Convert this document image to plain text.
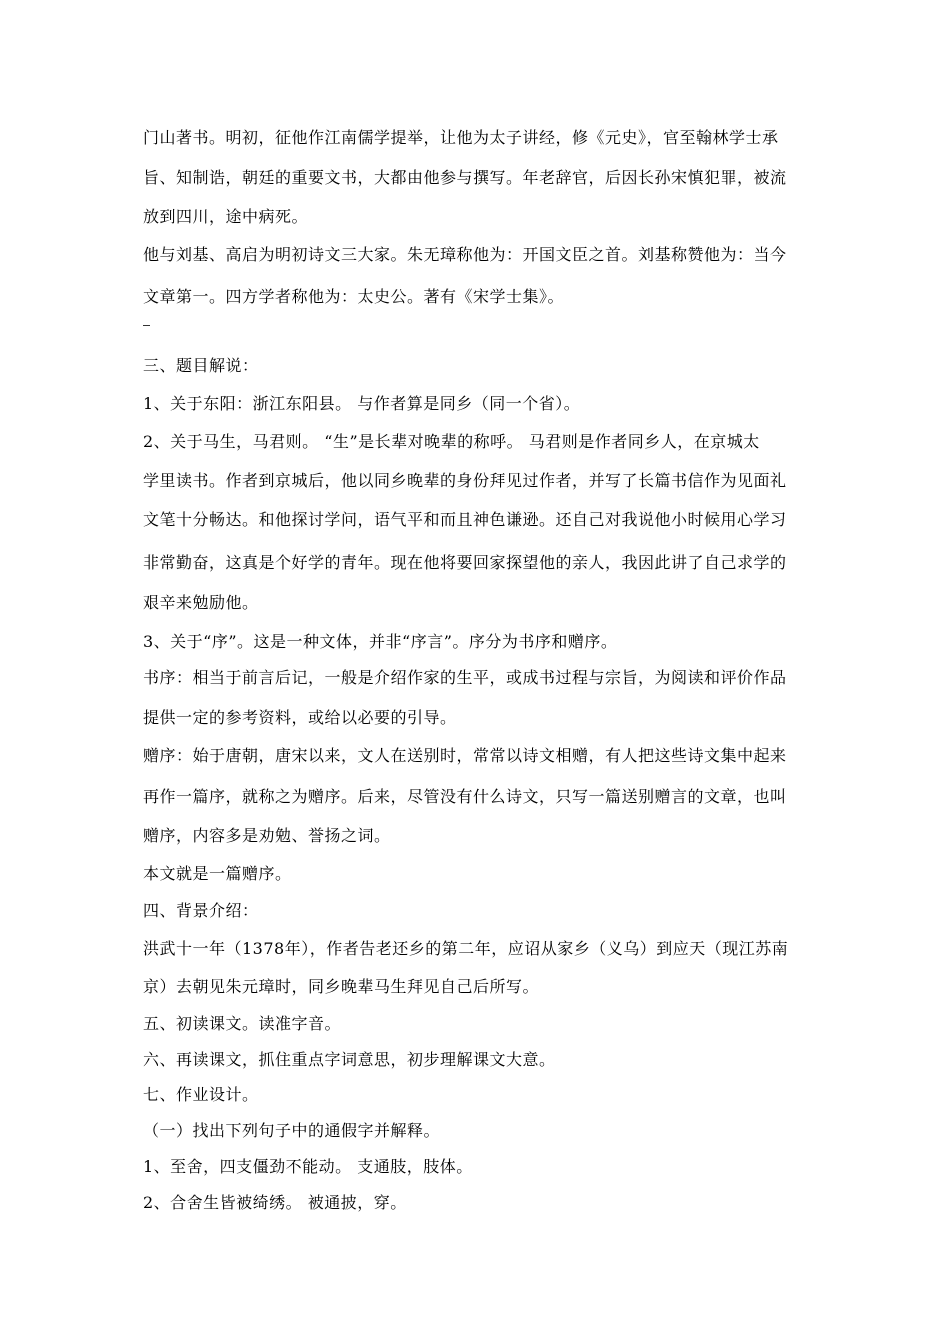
门山著书。明初，征他作江南儒学提举，让他为太子讲经，修《元史》，官至翰林学士承
旨、知制诰，朝廷的重要文书，大都由他参与撰写。年老辞官，后因长孙宋慎犯罪，被流
放到四川，途中病死。
他与刘基、高启为明初诗文三大家。朱无璋称他为：开国文臣之首。刘基称赞他为：当今
文章第一。四方学者称他为：太史公。著有《宋学士集》。
三、题目解说：
1、关于东阳：浙江东阳县。 与作者算是同乡（同一个省）。
2、关于马生，马君则。 “生”是长辈对晚辈的称呼。 马君则是作者同乡人，在京城太
学里读书。作者到京城后，他以同乡晚辈的身份拜见过作者，并写了长篇书信作为见面礼
文笔十分畅达。和他探讨学问，语气平和而且神色谦逊。还自己对我说他小时候用心学习
非常勤奋，这真是个好学的青年。现在他将要回家探望他的亲人，我因此讲了自己求学的
艰辛来勉励他。
3、关于“序”。这是一种文体，并非“序言”。序分为书序和赠序。
书序：相当于前言后记，一般是介绍作家的生平，或成书过程与宗旨，为阅读和评价作品
提供一定的参考资料，或给以必要的引导。
赠序：始于唐朝，唐宋以来，文人在送别时，常常以诗文相赠，有人把这些诗文集中起来
再作一篇序，就称之为赠序。后来，尽管没有什么诗文，只写一篇送别赠言的文章，也叫
赠序，内容多是劝勉、誉扬之词。
本文就是一篇赠序。
四、背景介绍：
洪武十一年（1378年），作者告老还乡的第二年，应诏从家乡（义乌）到应天（现江苏南
京）去朝见朱元璋时，同乡晚辈马生拜见自己后所写。
五、初读课文。读准字音。
六、再读课文，抓住重点字词意思，初步理解课文大意。
七、作业设计。
（一）找出下列句子中的通假字并解释。
1、至舍，四支僵劲不能动。 支通肢，肢体。
2、合舍生皆被绮绣。 被通披，穿。
